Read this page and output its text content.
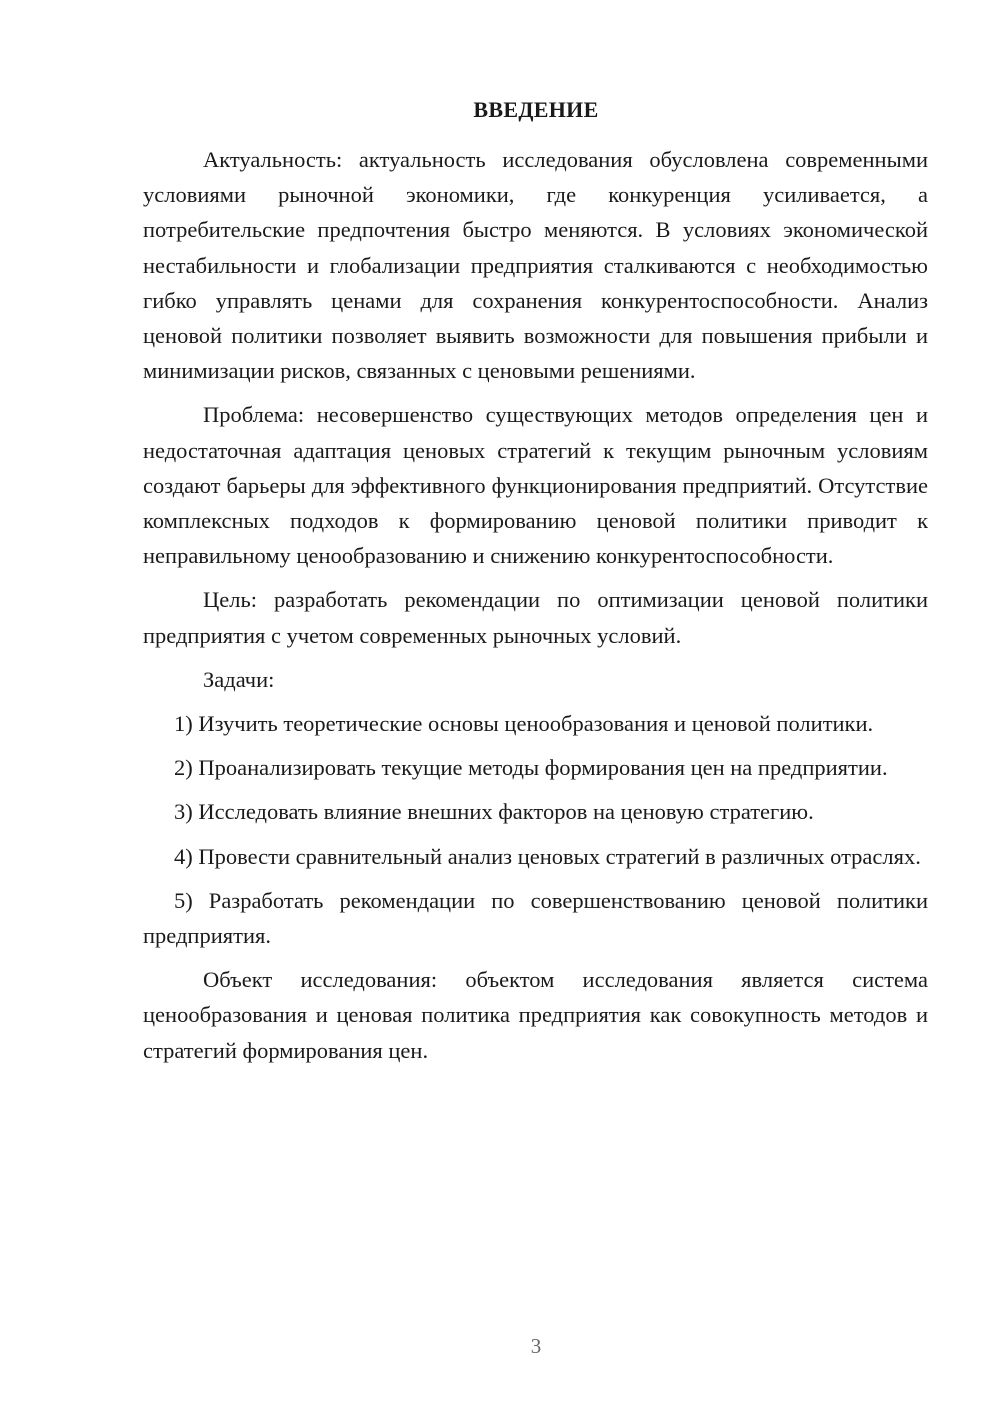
ВВЕДЕНИЕ

Актуальность: актуальность исследования обусловлена современными условиями рыночной экономики, где конкуренция усиливается, а потребительские предпочтения быстро меняются. В условиях экономической нестабильности и глобализации предприятия сталкиваются с необходимостью гибко управлять ценами для сохранения конкурентоспособности. Анализ ценовой политики позволяет выявить возможности для повышения прибыли и минимизации рисков, связанных с ценовыми решениями.

Проблема: несовершенство существующих методов определения цен и недостаточная адаптация ценовых стратегий к текущим рыночным условиям создают барьеры для эффективного функционирования предприятий. Отсутствие комплексных подходов к формированию ценовой политики приводит к неправильному ценообразованию и снижению конкурентоспособности.

Цель: разработать рекомендации по оптимизации ценовой политики предприятия с учетом современных рыночных условий.

Задачи:

1) Изучить теоретические основы ценообразования и ценовой политики.

2) Проанализировать текущие методы формирования цен на предприятии.

3) Исследовать влияние внешних факторов на ценовую стратегию.

4) Провести сравнительный анализ ценовых стратегий в различных отраслях.

5) Разработать рекомендации по совершенствованию ценовой политики предприятия.

Объект исследования: объектом исследования является система ценообразования и ценовая политика предприятия как совокупность методов и стратегий формирования цен.

3
